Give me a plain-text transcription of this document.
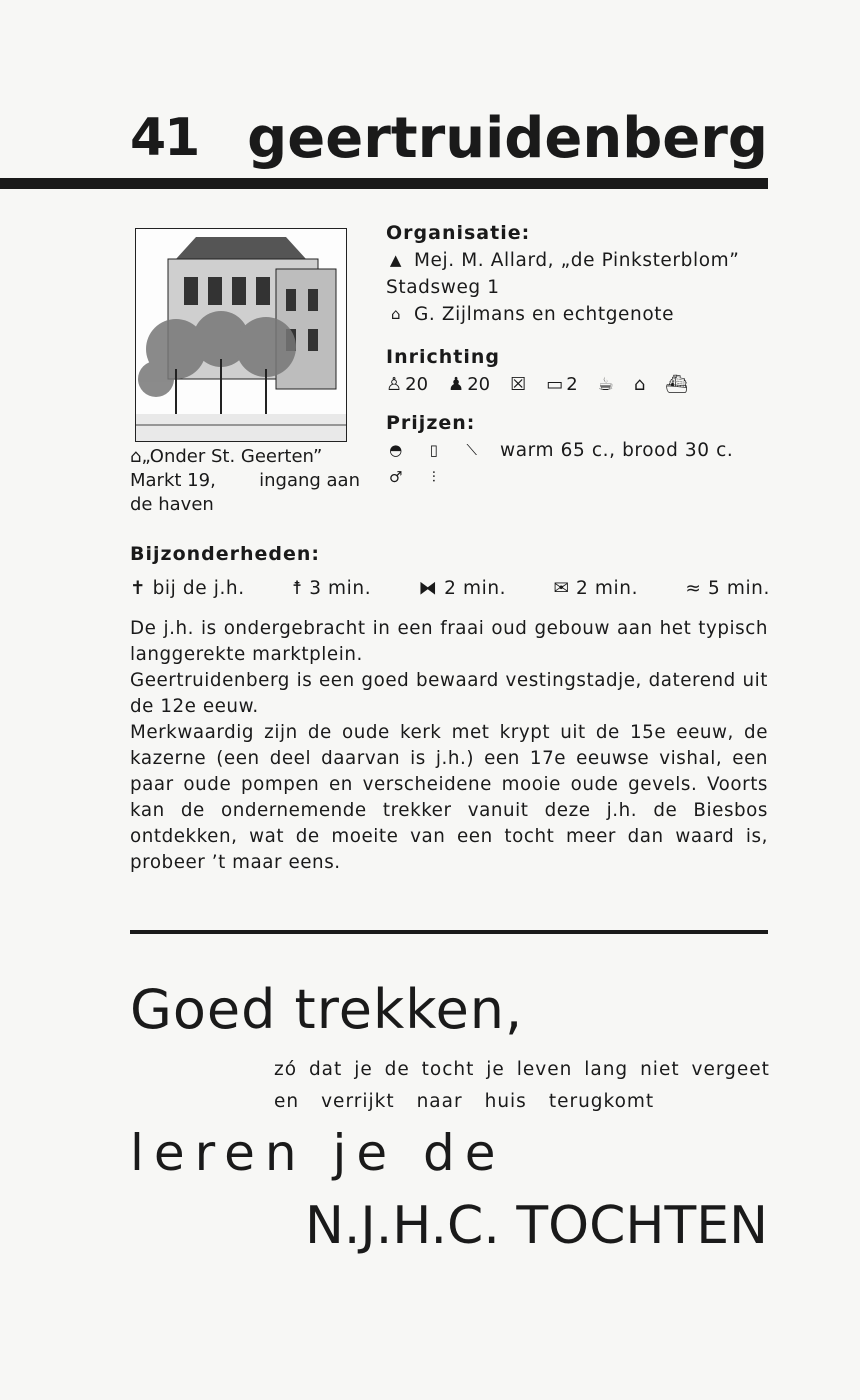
41 geertruidenberg
⌂„Onder St. Geerten”
Markt 19, ingang aan
de haven
Organisatie:
▲ Mej. M. Allard, „de Pinksterblom”
Stadsweg 1
⌂ G. Zijlmans en echtgenote
Inrichting
♙ 20 ♟ 20 ☒ ▭ 2 ☕ ⌂ ⛴
Prijzen:
◓	▯	⟍ warm 65 c., brood 30 c.
♂	⫶
Bijzonderheden:
✝ bij de j.h.	☨ 3 min.	⧓ 2 min.	✉ 2 min.	≈ 5 min.

De j.h. is ondergebracht in een fraai oud gebouw aan het typisch langgerekte marktplein.

Geertruidenberg is een goed bewaard vestingstadje, daterend uit de 12e eeuw.

Merkwaardig zijn de oude kerk met krypt uit de 15e eeuw, de kazerne (een deel daarvan is j.h.) een 17e eeuwse vishal, een paar oude pompen en verscheidene mooie oude gevels. Voorts kan de ondernemende trekker vanuit deze j.h. de Biesbos ontdekken, wat de moeite van een tocht meer dan waard is, probeer ’t maar eens.

Goed trekken,
zó dat je de tocht je leven lang niet vergeet
en verrijkt naar huis terugkomt
leren je de
N.J.H.C. TOCHTEN
